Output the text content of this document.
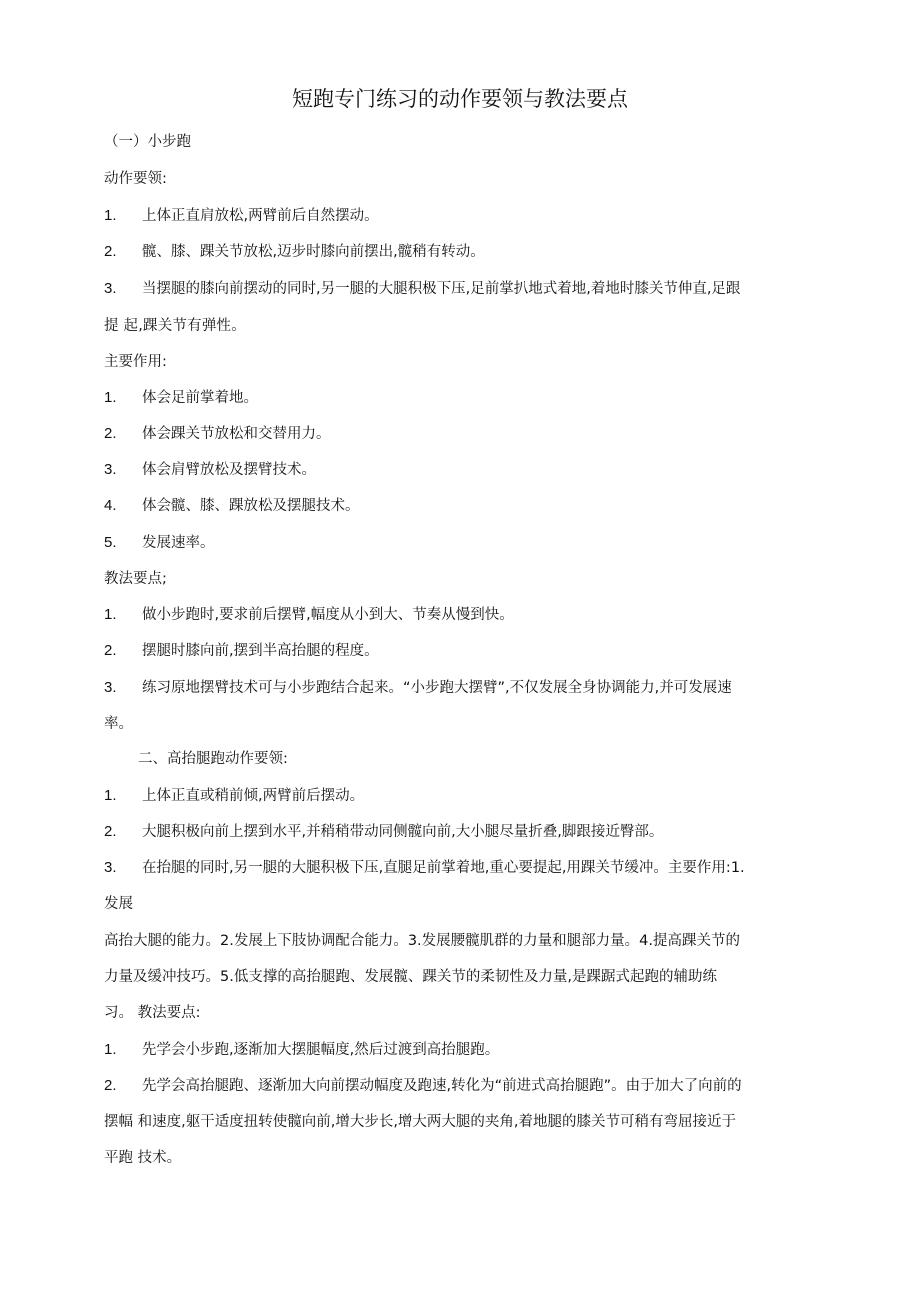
短跑专门练习的动作要领与教法要点
（一）小步跑
动作要领:
1. 上体正直肩放松,两臂前后自然摆动。
2. 髋、膝、踝关节放松,迈步时膝向前摆出,髋稍有转动。
3. 当摆腿的膝向前摆动的同时,另一腿的大腿积极下压,足前掌扒地式着地,着地时膝关节伸直,足跟
提 起,踝关节有弹性。
主要作用:
1. 体会足前掌着地。
2. 体会踝关节放松和交替用力。
3. 体会肩臂放松及摆臂技术。
4. 体会髋、膝、踝放松及摆腿技术。
5. 发展速率。
教法要点;
1. 做小步跑时,要求前后摆臂,幅度从小到大、节奏从慢到快。
2. 摆腿时膝向前,摆到半高抬腿的程度。
3. 练习原地摆臂技术可与小步跑结合起来。“小步跑大摆臂”,不仅发展全身协调能力,并可发展速
率。
二、高抬腿跑动作要领:
1. 上体正直或稍前倾,两臂前后摆动。
2. 大腿积极向前上摆到水平,并稍稍带动同侧髋向前,大小腿尽量折叠,脚跟接近臀部。
3. 在抬腿的同时,另一腿的大腿积极下压,直腿足前掌着地,重心要提起,用踝关节缓冲。主要作用:1.
发展
高抬大腿的能力。2.发展上下肢协调配合能力。3.发展腰髋肌群的力量和腿部力量。4.提高踝关节的
力量及缓冲技巧。5.低支撑的高抬腿跑、发展髋、踝关节的柔韧性及力量,是踝踞式起跑的辅助练
习。 教法要点:
1. 先学会小步跑,逐渐加大摆腿幅度,然后过渡到高抬腿跑。
2. 先学会高抬腿跑、逐渐加大向前摆动幅度及跑速,转化为“前进式高抬腿跑”。由于加大了向前的
摆幅 和速度,躯干适度扭转使髋向前,增大步长,增大两大腿的夹角,着地腿的膝关节可稍有弯屈接近于
平跑 技术。
